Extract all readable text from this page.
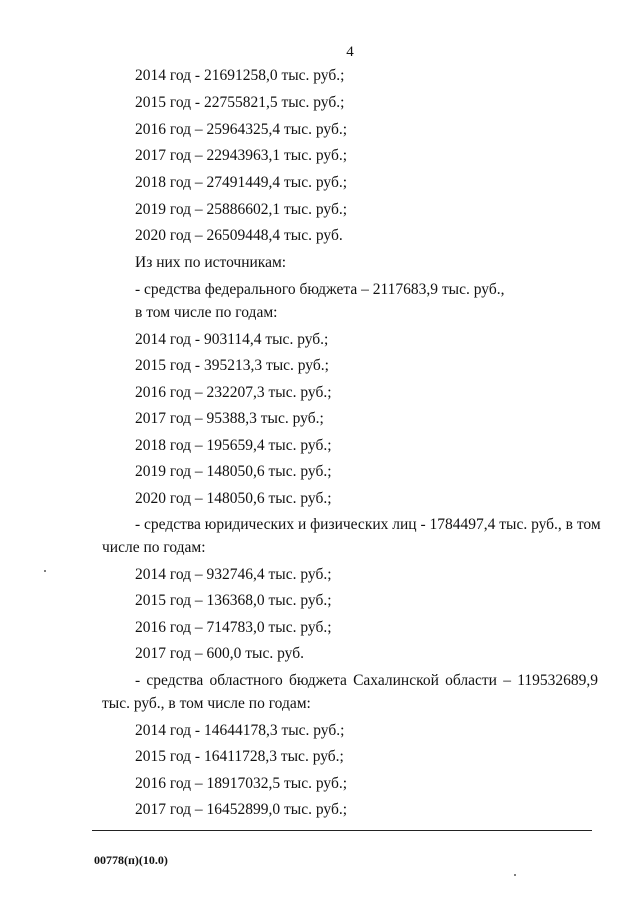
4
2014 год - 21691258,0 тыс. руб.;
2015 год - 22755821,5 тыс. руб.;
2016 год – 25964325,4 тыс. руб.;
2017 год – 22943963,1 тыс. руб.;
2018 год – 27491449,4 тыс. руб.;
2019 год – 25886602,1 тыс. руб.;
2020 год – 26509448,4 тыс. руб.
Из них по источникам:
- средства федерального бюджета – 2117683,9 тыс. руб.,
в том числе по годам:
2014 год - 903114,4 тыс. руб.;
2015 год - 395213,3 тыс. руб.;
2016 год – 232207,3 тыс. руб.;
2017 год – 95388,3 тыс. руб.;
2018 год – 195659,4 тыс. руб.;
2019 год – 148050,6 тыс. руб.;
2020 год – 148050,6 тыс. руб.;
- средства юридических и физических лиц - 1784497,4 тыс. руб., в том
числе по годам:
2014 год – 932746,4 тыс. руб.;
2015 год – 136368,0 тыс. руб.;
2016 год – 714783,0 тыс. руб.;
2017 год – 600,0 тыс. руб.
- средства областного бюджета Сахалинской области – 119532689,9
тыс. руб., в том числе по годам:
2014 год - 14644178,3 тыс. руб.;
2015 год - 16411728,3 тыс. руб.;
2016 год – 18917032,5 тыс. руб.;
2017 год – 16452899,0 тыс. руб.;
00778(п)(10.0)
